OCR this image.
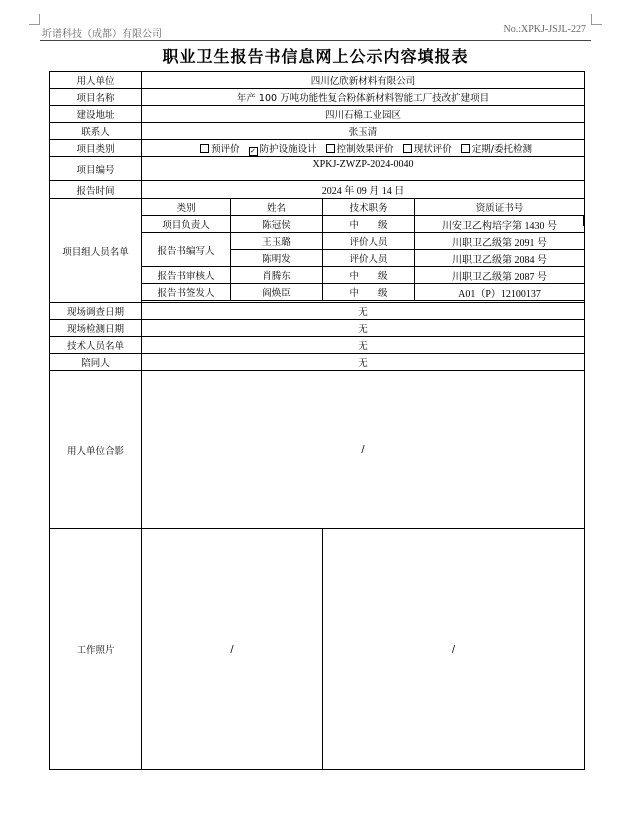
圻谱科技（成都）有限公司	No.:XPKJ-JSJL-227
职业卫生报告书信息网上公示内容填报表
用人单位	四川亿欣新材料有限公司			
项目名称	年产 100 万吨功能性复合粉体新材料智能工厂技改扩建项目			
建设地址	四川石棉工业园区			
联系人	张玉清			
项目类别	预评价 ✓ 防护设施设计 控制效果评价 现状评价 定期/委托检测			
项目编号	XPKJ-ZWZP-2024-0040			
报告时间	2024 年 09 月 14 日			
项目组人员名单	类别	姓名	技术职务	资质证书号
	项目负责人	陈冠侯	中　　级	川安卫乙构培字第 1430 号
	报告书编写人	王玉璐	评价人员	川职卫乙级第 2091 号
		陈明发	评价人员	川职卫乙级第 2084 号
	报告书审核人	肖腾东	中　　级	川职卫乙级第 2087 号
	报告书签发人	阎焕臣	中　　级	A01（P）12100137

现场调查日期	无			
现场检测日期	无			
技术人员名单	无			
陪同人	无			
用人单位合影	/			
工作照片	/		/	
